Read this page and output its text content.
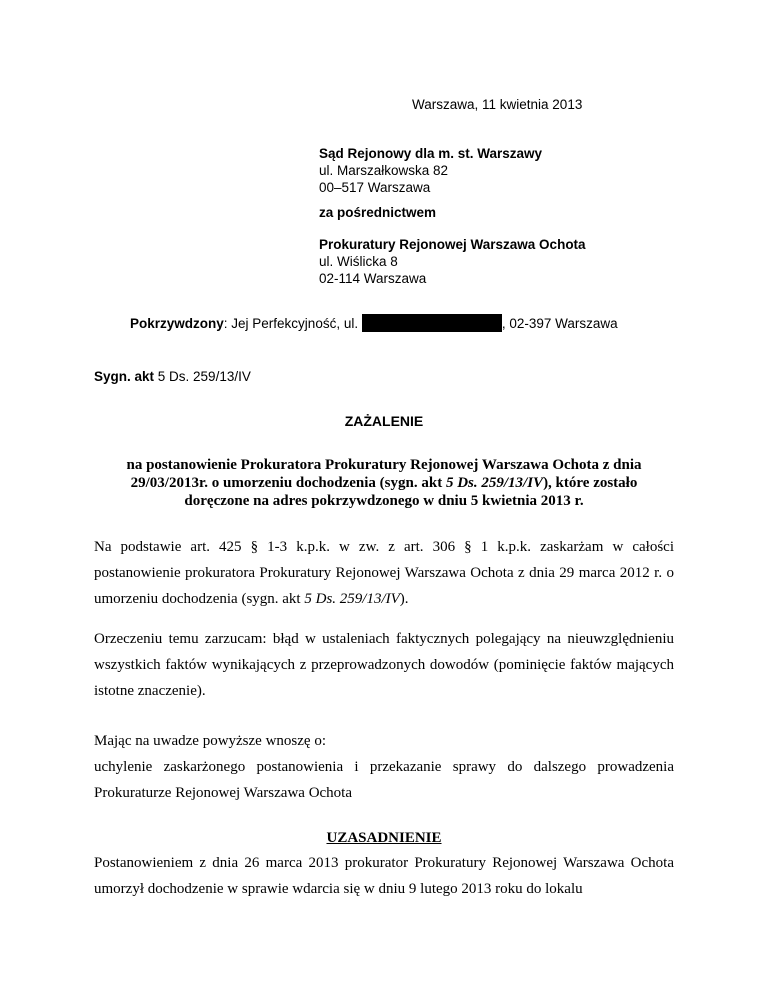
Warszawa, 11 kwietnia 2013
Sąd Rejonowy dla m. st. Warszawy
ul. Marszałkowska 82
00–517 Warszawa
za pośrednictwem
Prokuratury Rejonowej Warszawa Ochota
ul. Wiślicka 8
02-114 Warszawa
Pokrzywdzony: Jej Perfekcyjność, ul.	, 02-397 Warszawa
Sygn. akt 5 Ds. 259/13/IV
ZAŻALENIE
na postanowienie Prokuratora Prokuratury Rejonowej Warszawa Ochota z dnia
29/03/2013r. o umorzeniu dochodzenia (sygn. akt 5 Ds. 259/13/IV), które zostało
doręczone na adres pokrzywdzonego w dniu 5 kwietnia 2013 r.
Na podstawie art. 425 § 1-3 k.p.k. w zw. z art. 306 § 1 k.p.k. zaskarżam w całości postanowienie prokuratora Prokuratury Rejonowej Warszawa Ochota z dnia 29 marca 2012 r. o umorzeniu dochodzenia (sygn. akt 5 Ds. 259/13/IV).
Orzeczeniu temu zarzucam: błąd w ustaleniach faktycznych polegający na nieuwzględnieniu wszystkich faktów wynikających z przeprowadzonych dowodów (pominięcie faktów mających istotne znaczenie).
Mając na uwadze powyższe wnoszę o:
uchylenie zaskarżonego postanowienia i przekazanie sprawy do dalszego prowadzenia Prokuraturze Rejonowej Warszawa Ochota
UZASADNIENIE
Postanowieniem z dnia 26 marca 2013 prokurator Prokuratury Rejonowej Warszawa Ochota umorzył dochodzenie w sprawie wdarcia się w dniu 9 lutego 2013 roku do lokalu
